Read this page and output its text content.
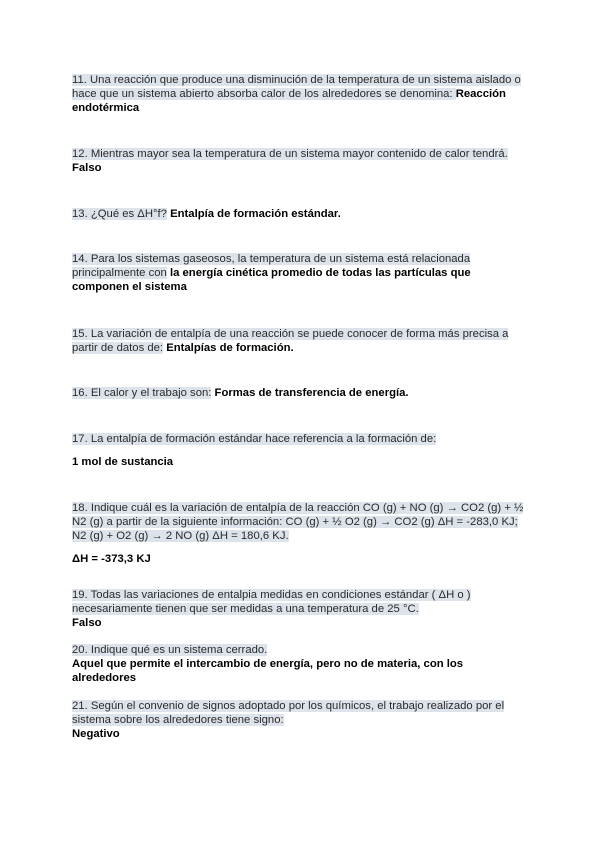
11. Una reacción que produce una disminución de la temperatura de un sistema aislado o hace que un sistema abierto absorba calor de los alrededores se denomina: Reacción endotérmica
12. Mientras mayor sea la temperatura de un sistema mayor contenido de calor tendrá. Falso
13. ¿Qué es ΔH°f? Entalpía de formación estándar.
14. Para los sistemas gaseosos, la temperatura de un sistema está relacionada principalmente con la energía cinética promedio de todas las partículas que componen el sistema
15. La variación de entalpía de una reacción se puede conocer de forma más precisa a partir de datos de: Entalpías de formación.
16. El calor y el trabajo son: Formas de transferencia de energía.
17. La entalpía de formación estándar hace referencia a la formación de:
1 mol de sustancia
18. Indique cuál es la variación de entalpía de la reacción CO (g) + NO (g) → CO2 (g) + ½ N2 (g) a partir de la siguiente información: CO (g) + ½ O2 (g) → CO2 (g) ΔH = -283,0 KJ; N2 (g) + O2 (g) → 2 NO (g) ΔH = 180,6 KJ.
ΔH = -373,3 KJ
19. Todas las variaciones de entalpia medidas en condiciones estándar ( ΔH o ) necesariamente tienen que ser medidas a una temperatura de 25 °C.
Falso
20. Indique qué es un sistema cerrado.
Aquel que permite el intercambio de energía, pero no de materia, con los alrededores
21. Según el convenio de signos adoptado por los químicos, el trabajo realizado por el sistema sobre los alrededores tiene signo:
Negativo
